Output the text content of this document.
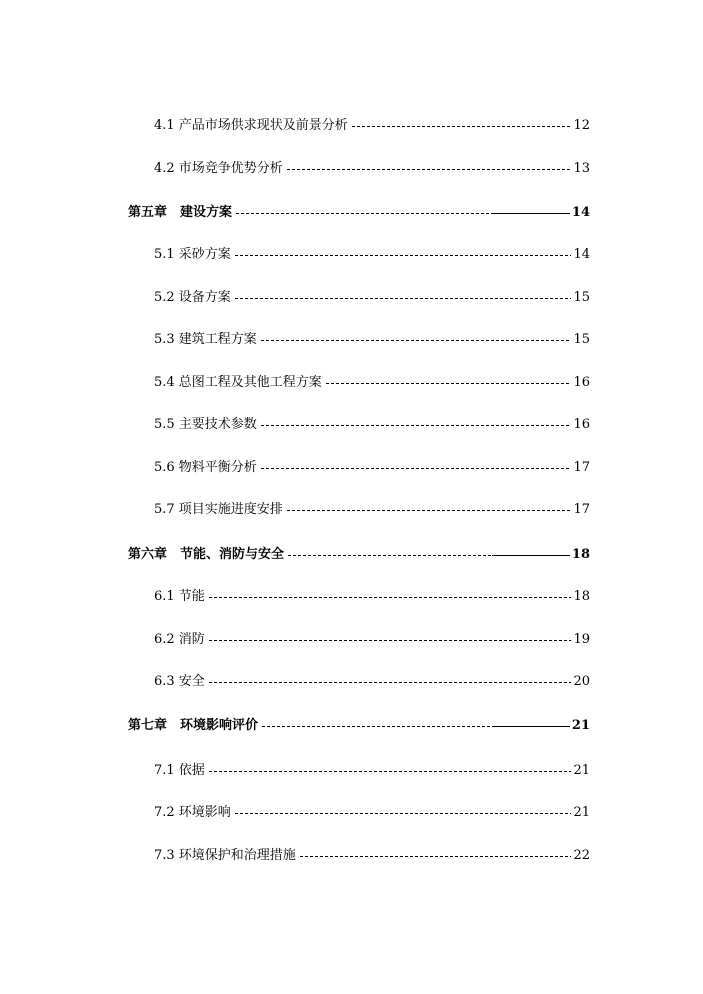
4.1 产品市场供求现状及前景分析	12
4.2 市场竞争优势分析	13
第五章　建设方案	14
5.1 采砂方案	14
5.2 设备方案	15
5.3 建筑工程方案	15
5.4 总图工程及其他工程方案	16
5.5 主要技术参数	16
5.6 物料平衡分析	17
5.7 项目实施进度安排	17
第六章　节能、消防与安全	18
6.1 节能	18
6.2 消防	19
6.3 安全	20
第七章　环境影响评价	21
7.1 依据	21
7.2 环境影响	21
7.3 环境保护和治理措施	22
